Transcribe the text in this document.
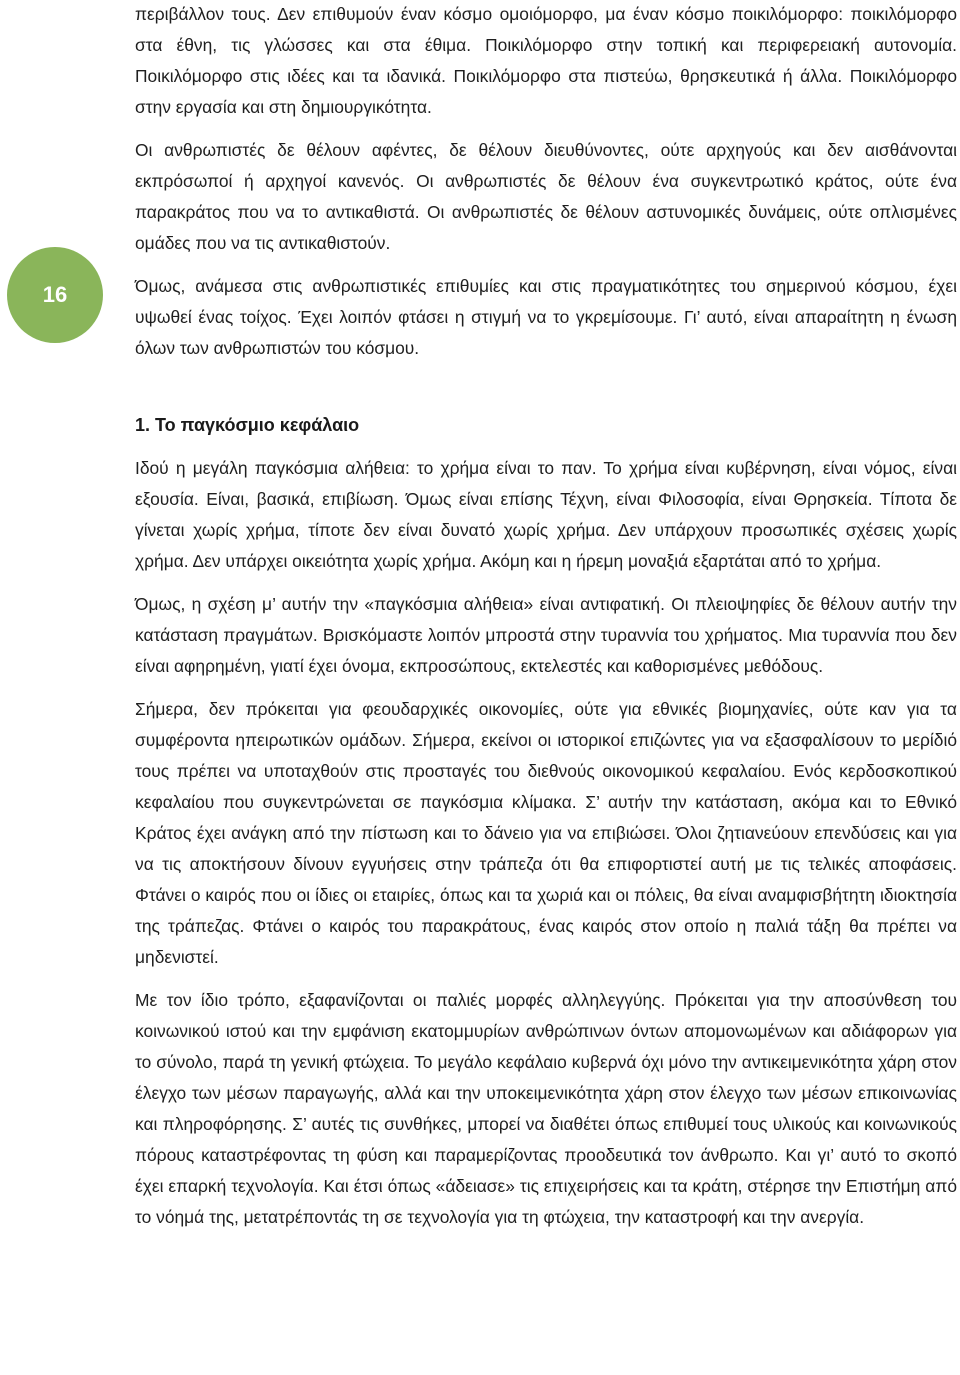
16

περιβάλλον τους. Δεν επιθυμούν έναν κόσμο ομοιόμορφο, μα έναν κόσμο ποικιλόμορφο: ποικιλόμορφο στα έθνη, τις γλώσσες και στα έθιμα. Ποικιλόμορφο στην τοπική και περιφερειακή αυτονομία. Ποικιλόμορφο στις ιδέες και τα ιδανικά. Ποικιλόμορφο στα πιστεύω, θρησκευτικά ή άλλα. Ποικιλόμορφο στην εργασία και στη δημιουργικότητα.

Οι ανθρωπιστές δε θέλουν αφέντες, δε θέλουν διευθύνοντες, ούτε αρχηγούς και δεν αισθάνονται εκπρόσωποί ή αρχηγοί κανενός. Οι ανθρωπιστές δε θέλουν ένα συγκεντρωτικό κράτος, ούτε ένα παρακράτος που να το αντικαθιστά. Οι ανθρωπιστές δε θέλουν αστυνομικές δυνάμεις, ούτε οπλισμένες ομάδες που να τις αντικαθιστούν.

Όμως, ανάμεσα στις ανθρωπιστικές επιθυμίες και στις πραγματικότητες του σημερινού κόσμου, έχει υψωθεί ένας τοίχος. Έχει λοιπόν φτάσει η στιγμή να το γκρεμίσουμε. Γι’ αυτό, είναι απαραίτητη η ένωση όλων των ανθρωπιστών του κόσμου.

1. Το παγκόσμιο κεφάλαιο

Ιδού η μεγάλη παγκόσμια αλήθεια: το χρήμα είναι το παν. Το χρήμα είναι κυβέρνηση, είναι νόμος, είναι εξουσία. Είναι, βασικά, επιβίωση. Όμως είναι επίσης Τέχνη, είναι Φιλοσοφία, είναι Θρησκεία. Τίποτα δε γίνεται χωρίς χρήμα, τίποτε δεν είναι δυνατό χωρίς χρήμα. Δεν υπάρχουν προσωπικές σχέσεις χωρίς χρήμα. Δεν υπάρχει οικειότητα χωρίς χρήμα. Ακόμη και η ήρεμη μοναξιά εξαρτάται από το χρήμα.

Όμως, η σχέση μ’ αυτήν την «παγκόσμια αλήθεια» είναι αντιφατική. Οι πλειοψηφίες δε θέλουν αυτήν την κατάσταση πραγμάτων. Βρισκόμαστε λοιπόν μπροστά στην τυραννία του χρήματος. Μια τυραννία που δεν είναι αφηρημένη, γιατί έχει όνομα, εκπροσώπους, εκτελεστές και καθορισμένες μεθόδους.

Σήμερα, δεν πρόκειται για φεουδαρχικές οικονομίες, ούτε για εθνικές βιομηχανίες, ούτε καν για τα συμφέροντα ηπειρωτικών ομάδων. Σήμερα, εκείνοι οι ιστορικοί επιζώντες για να εξασφαλίσουν το μερίδιό τους πρέπει να υποταχθούν στις προσταγές του διεθνούς οικονομικού κεφαλαίου. Ενός κερδοσκοπικού κεφαλαίου που συγκεντρώνεται σε παγκόσμια κλίμακα. Σ’ αυτήν την κατάσταση, ακόμα και το Εθνικό Κράτος έχει ανάγκη από την πίστωση και το δάνειο για να επιβιώσει. Όλοι ζητιανεύουν επενδύσεις και για να τις αποκτήσουν δίνουν εγγυήσεις στην τράπεζα ότι θα επιφορτιστεί αυτή με τις τελικές αποφάσεις. Φτάνει ο καιρός που οι ίδιες οι εταιρίες, όπως και τα χωριά και οι πόλεις, θα είναι αναμφισβήτητη ιδιοκτησία της τράπεζας. Φτάνει ο καιρός του παρακράτους, ένας καιρός στον οποίο η παλιά τάξη θα πρέπει να μηδενιστεί.

Με τον ίδιο τρόπο, εξαφανίζονται οι παλιές μορφές αλληλεγγύης. Πρόκειται για την αποσύνθεση του κοινωνικού ιστού και την εμφάνιση εκατομμυρίων ανθρώπινων όντων απομονωμένων και αδιάφορων για το σύνολο, παρά τη γενική φτώχεια. Το μεγάλο κεφάλαιο κυβερνά όχι μόνο την αντικειμενικότητα χάρη στον έλεγχο των μέσων παραγωγής, αλλά και την υποκειμενικότητα χάρη στον έλεγχο των μέσων επικοινωνίας και πληροφόρησης. Σ’ αυτές τις συνθήκες, μπορεί να διαθέτει όπως επιθυμεί τους υλικούς και κοινωνικούς πόρους καταστρέφοντας τη φύση και παραμερίζοντας προοδευτικά τον άνθρωπο. Και γι’ αυτό το σκοπό έχει επαρκή τεχνολογία. Και έτσι όπως «άδειασε» τις επιχειρήσεις και τα κράτη, στέρησε την Επιστήμη από το νόημά της, μετατρέποντάς τη σε τεχνολογία για τη φτώχεια, την καταστροφή και την ανεργία.
